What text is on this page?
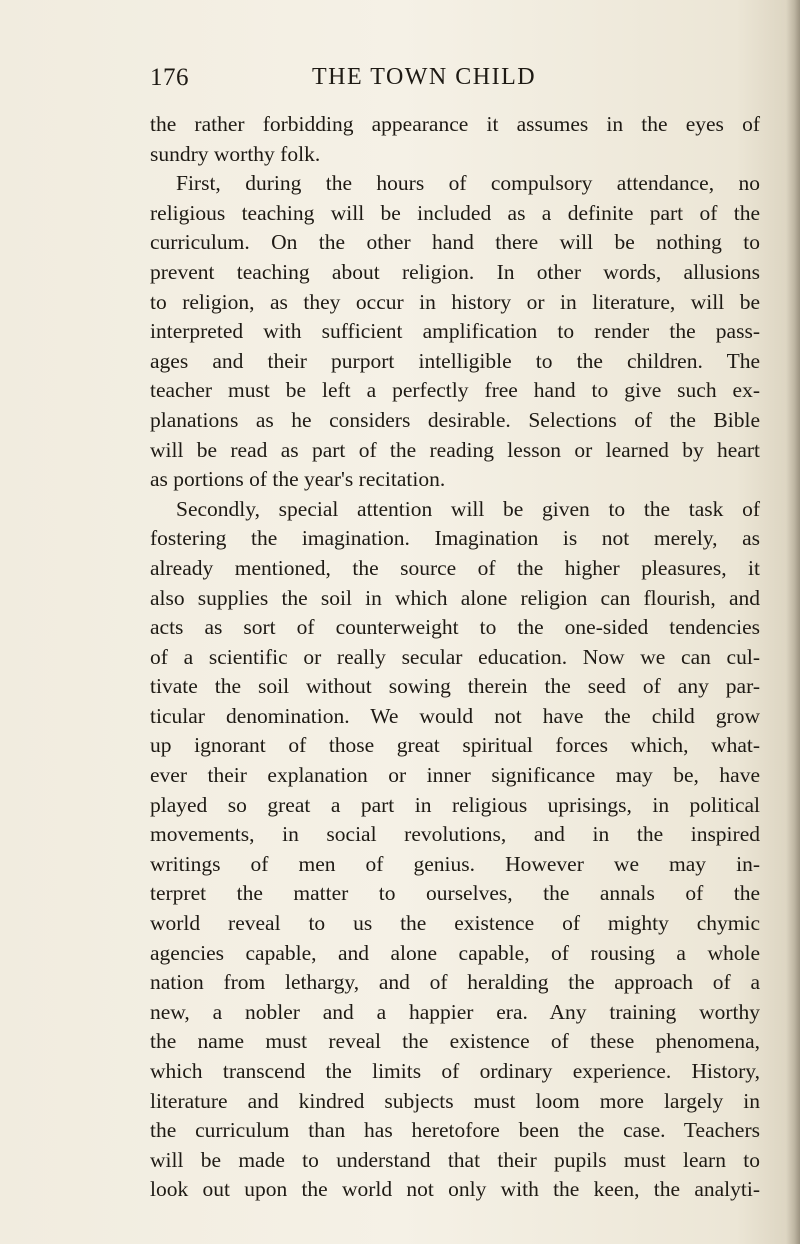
176	THE TOWN CHILD
the rather forbidding appearance it assumes in the eyes of
sundry worthy folk.
First, during the hours of compulsory attendance, no
religious teaching will be included as a definite part of the
curriculum. On the other hand there will be nothing to
prevent teaching about religion. In other words, allusions
to religion, as they occur in history or in literature, will be
interpreted with sufficient amplification to render the pass-
ages and their purport intelligible to the children. The
teacher must be left a perfectly free hand to give such ex-
planations as he considers desirable. Selections of the Bible
will be read as part of the reading lesson or learned by heart
as portions of the year's recitation.
Secondly, special attention will be given to the task of
fostering the imagination. Imagination is not merely, as
already mentioned, the source of the higher pleasures, it
also supplies the soil in which alone religion can flourish, and
acts as sort of counterweight to the one-sided tendencies
of a scientific or really secular education. Now we can cul-
tivate the soil without sowing therein the seed of any par-
ticular denomination. We would not have the child grow
up ignorant of those great spiritual forces which, what-
ever their explanation or inner significance may be, have
played so great a part in religious uprisings, in political
movements, in social revolutions, and in the inspired
writings of men of genius. However we may in-
terpret the matter to ourselves, the annals of the
world reveal to us the existence of mighty chymic
agencies capable, and alone capable, of rousing a whole
nation from lethargy, and of heralding the approach of a
new, a nobler and a happier era. Any training worthy
the name must reveal the existence of these phenomena,
which transcend the limits of ordinary experience. History,
literature and kindred subjects must loom more largely in
the curriculum than has heretofore been the case. Teachers
will be made to understand that their pupils must learn to
look out upon the world not only with the keen, the analyti-
